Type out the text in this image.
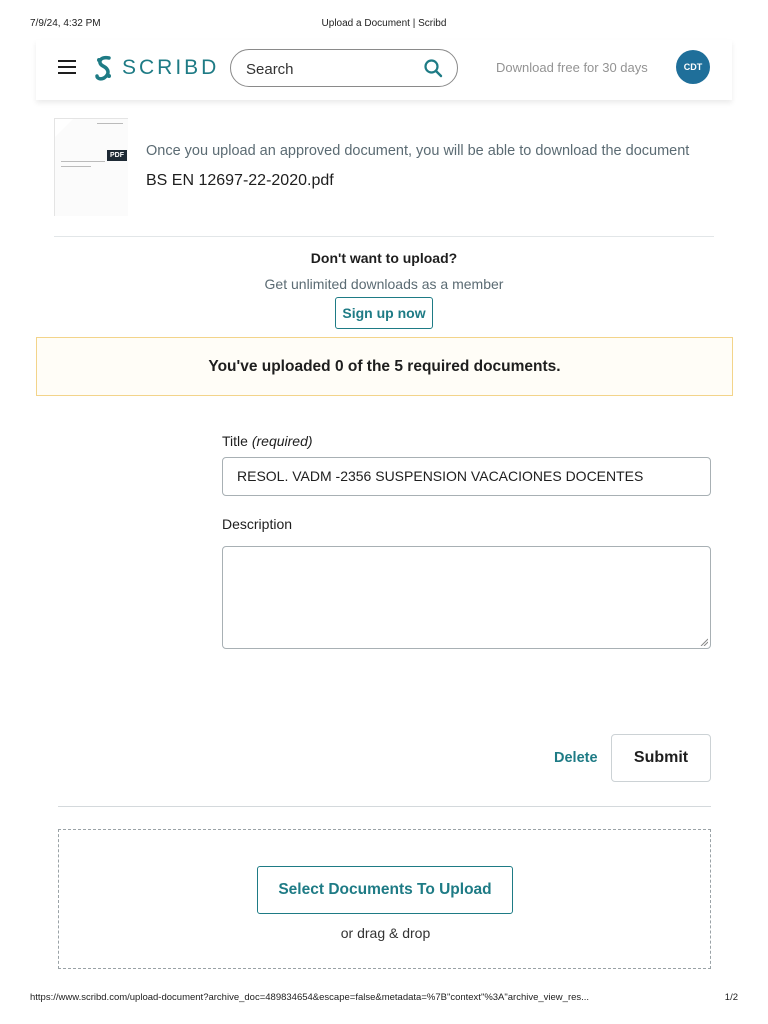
7/9/24, 4:32 PM	Upload a Document | Scribd
SCRIBD Search	Download free for 30 days	CDT
PDF Once you upload an approved document, you will be able to download the document
BS EN 12697-22-2020.pdf
Don't want to upload?
Get unlimited downloads as a member
Sign up now
You've uploaded 0 of the 5 required documents.
Title (required)
RESOL. VADM -2356 SUSPENSION VACACIONES DOCENTES
Description
Delete	Submit
Select Documents To Upload
or drag & drop
https://www.scribd.com/upload-document?archive_doc=489834654&escape=false&metadata=%7B"context"%3A"archive_view_res...	1/2
